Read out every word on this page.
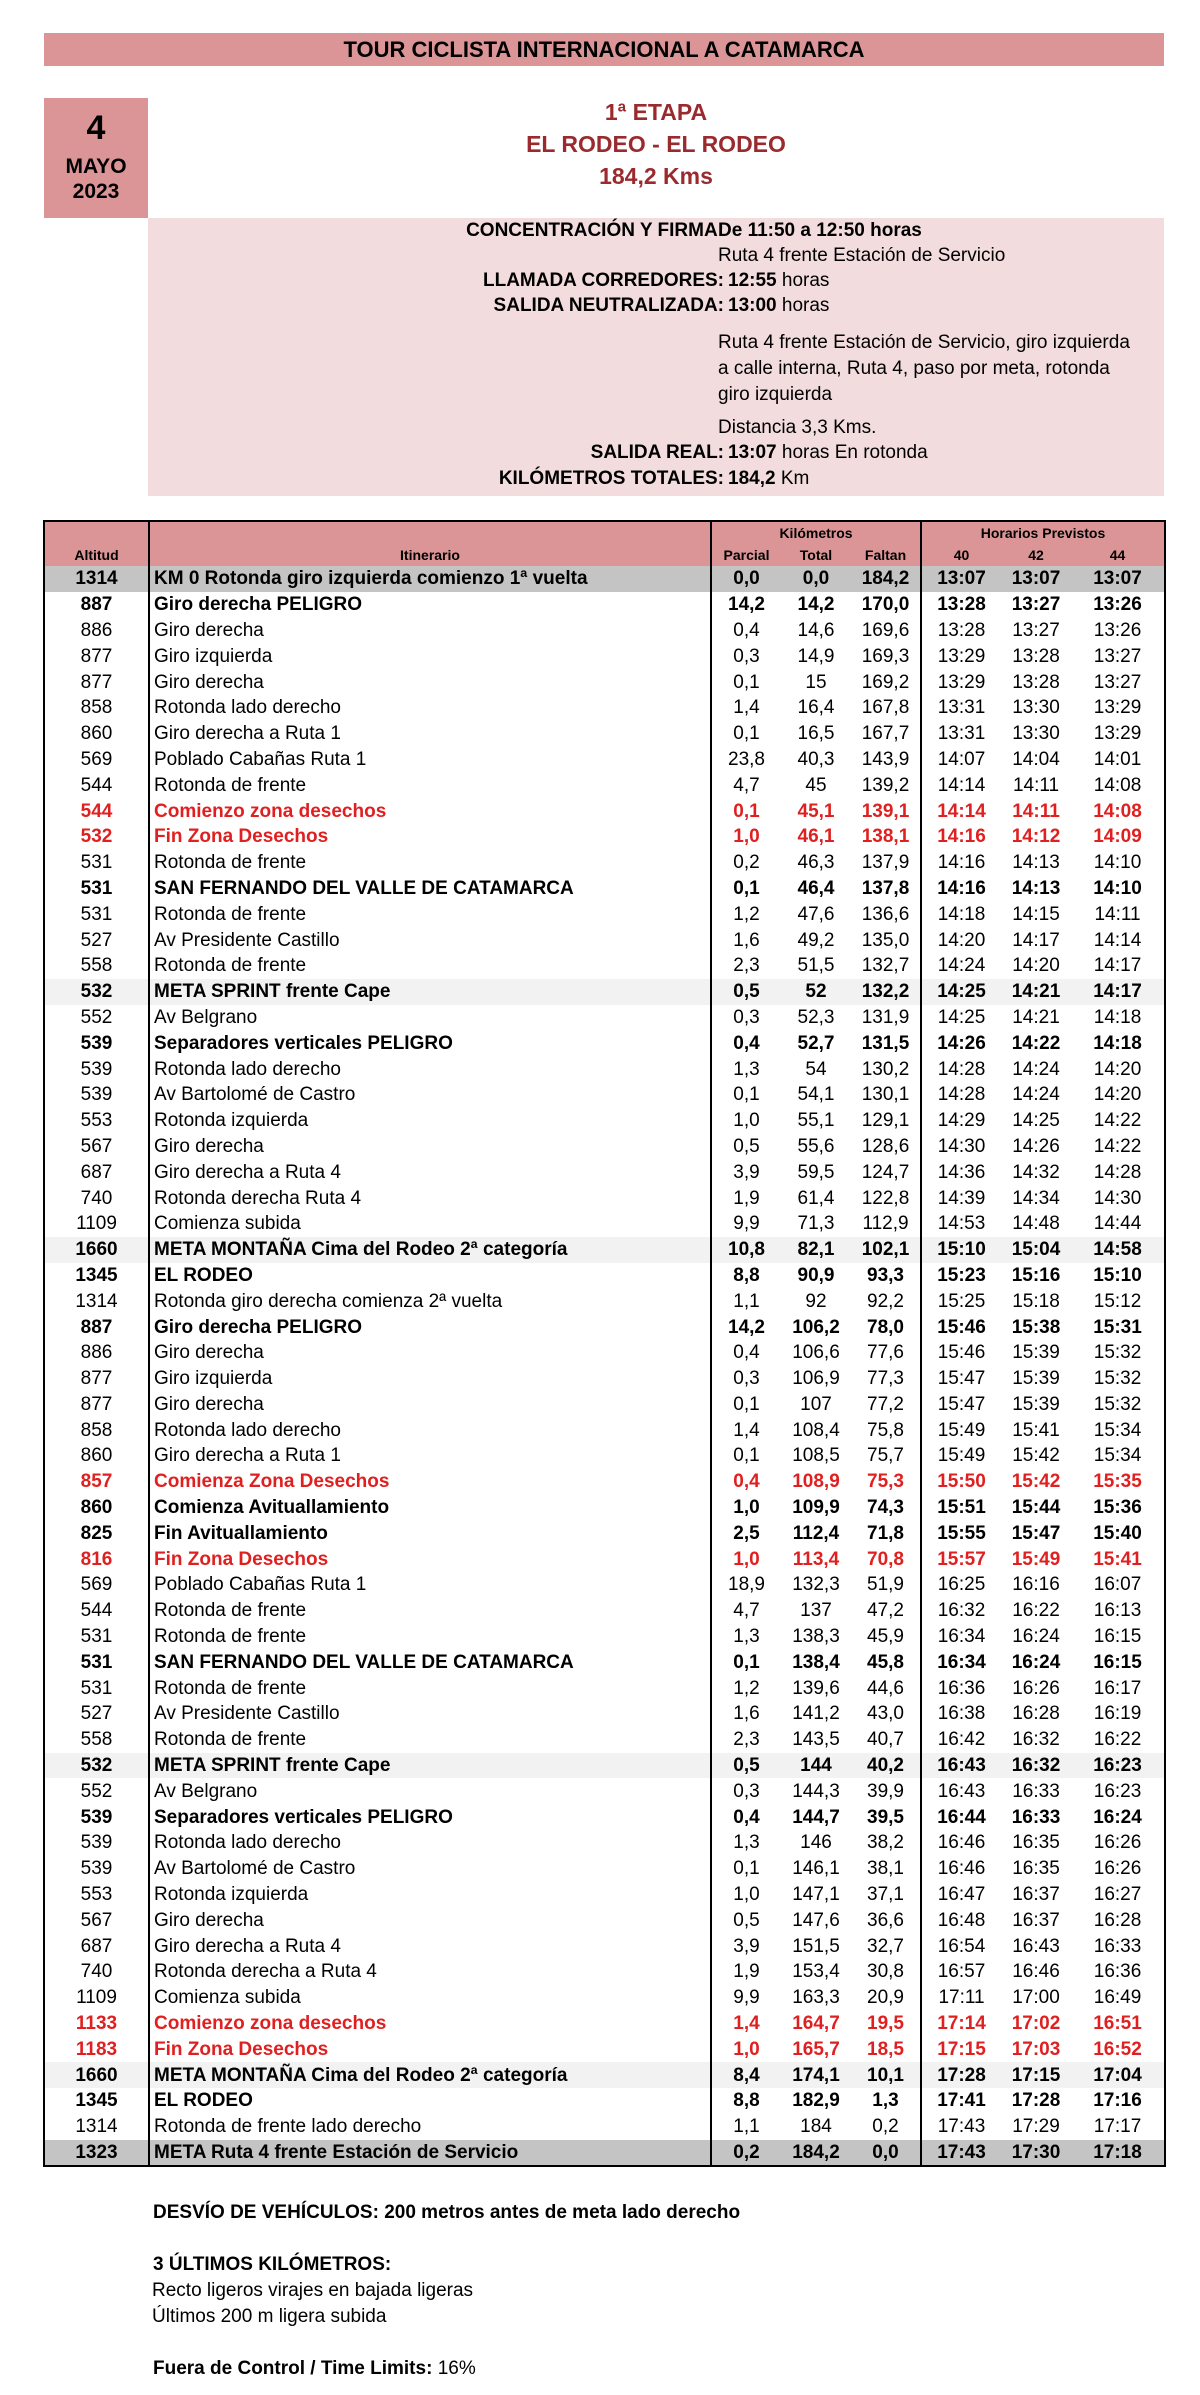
TOUR CICLISTA INTERNACIONAL A CATAMARCA
4
MAYO
2023
1ª ETAPA
EL RODEO - EL RODEO
184,2 Kms
CONCENTRACIÓN Y FIRMA:
De 11:50 a 12:50 horas
Ruta 4 frente Estación de Servicio
LLAMADA CORREDORES: 12:55 horas
SALIDA NEUTRALIZADA: 13:00 horas
Ruta 4 frente Estación de Servicio, giro izquierda a calle interna, Ruta 4, paso por meta, rotonda giro izquierda
Distancia 3,3 Kms.
SALIDA REAL: 13:07 horas En rotonda
KILÓMETROS TOTALES: 184,2 Km
		Kilómetros			Horarios Previstos		
Altitud	Itinerario	Parcial	Total	Faltan	40	42	44
1314	KM 0 Rotonda giro izquierda comienzo 1ª vuelta	0,0	0,0	184,2	13:07	13:07	13:07
887	Giro derecha PELIGRO	14,2	14,2	170,0	13:28	13:27	13:26
886	Giro derecha	0,4	14,6	169,6	13:28	13:27	13:26
877	Giro izquierda	0,3	14,9	169,3	13:29	13:28	13:27
877	Giro derecha	0,1	15	169,2	13:29	13:28	13:27
858	Rotonda lado derecho	1,4	16,4	167,8	13:31	13:30	13:29
860	Giro derecha a Ruta 1	0,1	16,5	167,7	13:31	13:30	13:29
569	Poblado Cabañas Ruta 1	23,8	40,3	143,9	14:07	14:04	14:01
544	Rotonda de frente	4,7	45	139,2	14:14	14:11	14:08
544	Comienzo zona desechos	0,1	45,1	139,1	14:14	14:11	14:08
532	Fin Zona Desechos	1,0	46,1	138,1	14:16	14:12	14:09
531	Rotonda de frente	0,2	46,3	137,9	14:16	14:13	14:10
531	SAN FERNANDO DEL VALLE DE CATAMARCA	0,1	46,4	137,8	14:16	14:13	14:10
531	Rotonda de frente	1,2	47,6	136,6	14:18	14:15	14:11
527	Av Presidente Castillo	1,6	49,2	135,0	14:20	14:17	14:14
558	Rotonda de frente	2,3	51,5	132,7	14:24	14:20	14:17
532	META SPRINT frente Cape	0,5	52	132,2	14:25	14:21	14:17
552	Av Belgrano	0,3	52,3	131,9	14:25	14:21	14:18
539	Separadores verticales PELIGRO	0,4	52,7	131,5	14:26	14:22	14:18
539	Rotonda lado derecho	1,3	54	130,2	14:28	14:24	14:20
539	Av Bartolomé de Castro	0,1	54,1	130,1	14:28	14:24	14:20
553	Rotonda izquierda	1,0	55,1	129,1	14:29	14:25	14:22
567	Giro derecha	0,5	55,6	128,6	14:30	14:26	14:22
687	Giro derecha a Ruta 4	3,9	59,5	124,7	14:36	14:32	14:28
740	Rotonda derecha Ruta 4	1,9	61,4	122,8	14:39	14:34	14:30
1109	Comienza subida	9,9	71,3	112,9	14:53	14:48	14:44
1660	META MONTAÑA Cima del Rodeo 2ª categoría	10,8	82,1	102,1	15:10	15:04	14:58
1345	EL RODEO	8,8	90,9	93,3	15:23	15:16	15:10
1314	Rotonda giro derecha comienza 2ª vuelta	1,1	92	92,2	15:25	15:18	15:12
887	Giro derecha PELIGRO	14,2	106,2	78,0	15:46	15:38	15:31
886	Giro derecha	0,4	106,6	77,6	15:46	15:39	15:32
877	Giro izquierda	0,3	106,9	77,3	15:47	15:39	15:32
877	Giro derecha	0,1	107	77,2	15:47	15:39	15:32
858	Rotonda lado derecho	1,4	108,4	75,8	15:49	15:41	15:34
860	Giro derecha a Ruta 1	0,1	108,5	75,7	15:49	15:42	15:34
857	Comienza Zona Desechos	0,4	108,9	75,3	15:50	15:42	15:35
860	Comienza Avituallamiento	1,0	109,9	74,3	15:51	15:44	15:36
825	Fin Avituallamiento	2,5	112,4	71,8	15:55	15:47	15:40
816	Fin Zona Desechos	1,0	113,4	70,8	15:57	15:49	15:41
569	Poblado Cabañas Ruta 1	18,9	132,3	51,9	16:25	16:16	16:07
544	Rotonda de frente	4,7	137	47,2	16:32	16:22	16:13
531	Rotonda de frente	1,3	138,3	45,9	16:34	16:24	16:15
531	SAN FERNANDO DEL VALLE DE CATAMARCA	0,1	138,4	45,8	16:34	16:24	16:15
531	Rotonda de frente	1,2	139,6	44,6	16:36	16:26	16:17
527	Av Presidente Castillo	1,6	141,2	43,0	16:38	16:28	16:19
558	Rotonda de frente	2,3	143,5	40,7	16:42	16:32	16:22
532	META SPRINT frente Cape	0,5	144	40,2	16:43	16:32	16:23
552	Av Belgrano	0,3	144,3	39,9	16:43	16:33	16:23
539	Separadores verticales PELIGRO	0,4	144,7	39,5	16:44	16:33	16:24
539	Rotonda lado derecho	1,3	146	38,2	16:46	16:35	16:26
539	Av Bartolomé de Castro	0,1	146,1	38,1	16:46	16:35	16:26
553	Rotonda izquierda	1,0	147,1	37,1	16:47	16:37	16:27
567	Giro derecha	0,5	147,6	36,6	16:48	16:37	16:28
687	Giro derecha a Ruta 4	3,9	151,5	32,7	16:54	16:43	16:33
740	Rotonda derecha a Ruta 4	1,9	153,4	30,8	16:57	16:46	16:36
1109	Comienza subida	9,9	163,3	20,9	17:11	17:00	16:49
1133	Comienzo zona desechos	1,4	164,7	19,5	17:14	17:02	16:51
1183	Fin Zona Desechos	1,0	165,7	18,5	17:15	17:03	16:52
1660	META MONTAÑA Cima del Rodeo 2ª categoría	8,4	174,1	10,1	17:28	17:15	17:04
1345	EL RODEO	8,8	182,9	1,3	17:41	17:28	17:16
1314	Rotonda de frente lado derecho	1,1	184	0,2	17:43	17:29	17:17
1323	META Ruta 4 frente Estación de Servicio	0,2	184,2	0,0	17:43	17:30	17:18
DESVÍO DE VEHÍCULOS: 200 metros antes de meta lado derecho
3 ÚLTIMOS KILÓMETROS:
Recto ligeros virajes en bajada ligeras
Últimos 200 m ligera subida
Fuera de Control / Time Limits: 16%
